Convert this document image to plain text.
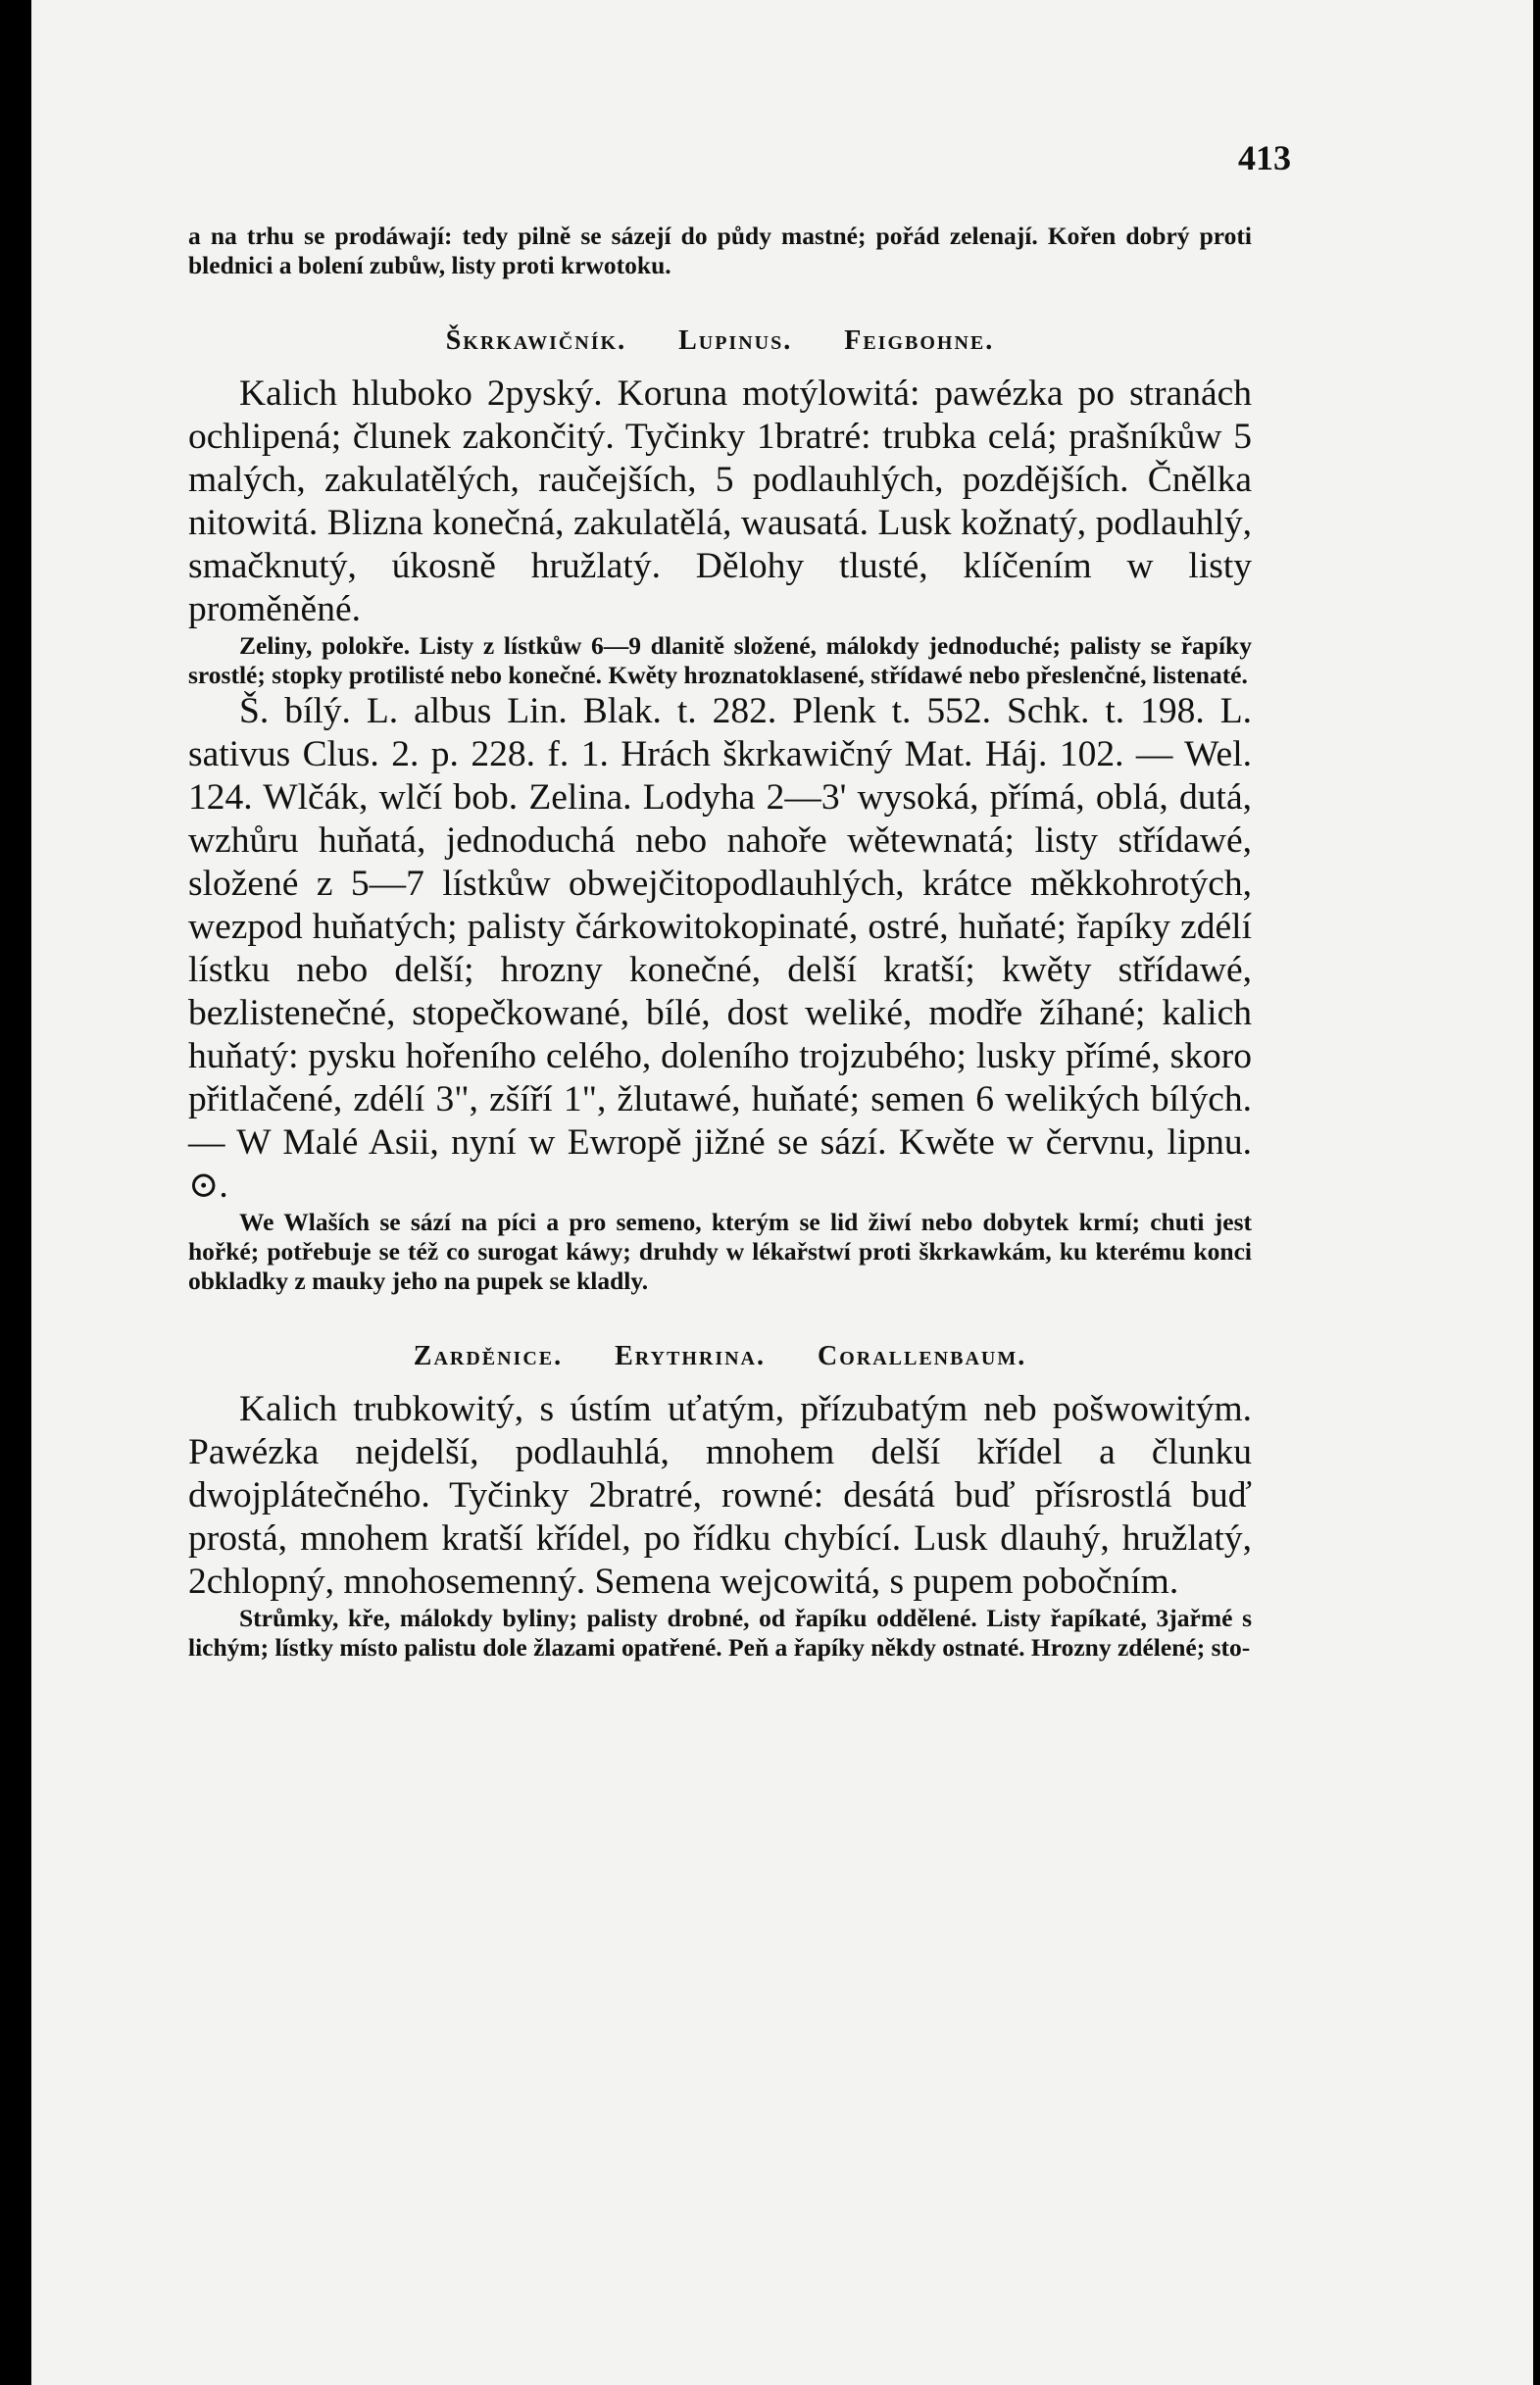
413

a na trhu se prodáwají: tedy pilně se sázejí do půdy mastné; pořád zelenají. Kořen dobrý proti blednici a bolení zubůw, listy proti krwotoku.

Škrkawičník. Lupinus. Feigbohne.

Kalich hluboko 2pyský. Koruna motýlowitá: pawézka po stranách ochlipená; člunek zakončitý. Tyčinky 1bratré: trubka celá; prašníkůw 5 malých, zakulatělých, raučejších, 5 podlauhlých, pozdějších. Čnělka nitowitá. Blizna konečná, zakulatělá, wausatá. Lusk kožnatý, podlauhlý, smačknutý, úkosně hružlatý. Dělohy tlusté, klíčením w listy proměněné.

Zeliny, polokře. Listy z lístkůw 6—9 dlanitě složené, málokdy jednoduché; palisty se řapíky srostlé; stopky protilisté nebo konečné. Kwěty hroznatoklasené, střídawé nebo přeslenčné, listenaté.

Š. bílý. L. albus Lin. Blak. t. 282. Plenk t. 552. Schk. t. 198. L. sativus Clus. 2. p. 228. f. 1. Hrách škrkawičný Mat. Háj. 102. — Wel. 124. Wlčák, wlčí bob. Zelina. Lodyha 2—3' wysoká, přímá, oblá, dutá, wzhůru huňatá, jednoduchá nebo nahoře wětewnatá; listy střídawé, složené z 5—7 lístkůw obwejčitopodlauhlých, krátce měkkohrotých, wezpod huňatých; palisty čárkowitokopinaté, ostré, huňaté; řapíky zdélí lístku nebo delší; hrozny konečné, delší kratší; kwěty střídawé, bezlistenečné, stopečkowané, bílé, dost weliké, modře žíhané; kalich huňatý: pysku hořeního celého, doleního trojzubého; lusky přímé, skoro přitlačené, zdélí 3", zšíří 1", žlutawé, huňaté; semen 6 welikých bílých. — W Malé Asii, nyní w Ewropě jižné se sází. Kwěte w červnu, lipnu. ⊙.

We Wlaších se sází na píci a pro semeno, kterým se lid žiwí nebo dobytek krmí; chuti jest hořké; potřebuje se též co surogat káwy; druhdy w lékařstwí proti škrkawkám, ku kterému konci obkladky z mauky jeho na pupek se kladly.

Zarděnice. Erythrina. Corallenbaum.

Kalich trubkowitý, s ústím uťatým, přízubatým neb pošwowitým. Pawézka nejdelší, podlauhlá, mnohem delší křídel a člunku dwojplátečného. Tyčinky 2bratré, rowné: desátá buď přísrostlá buď prostá, mnohem kratší křídel, po řídku chybící. Lusk dlauhý, hružlatý, 2chlopný, mnohosemenný. Semena wejcowitá, s pupem pobočním.

Strůmky, kře, málokdy byliny; palisty drobné, od řapíku oddělené. Listy řapíkaté, 3jařmé s lichým; lístky místo palistu dole žlazami opatřené. Peň a řapíky někdy ostnaté. Hrozny zdélené; sto-
